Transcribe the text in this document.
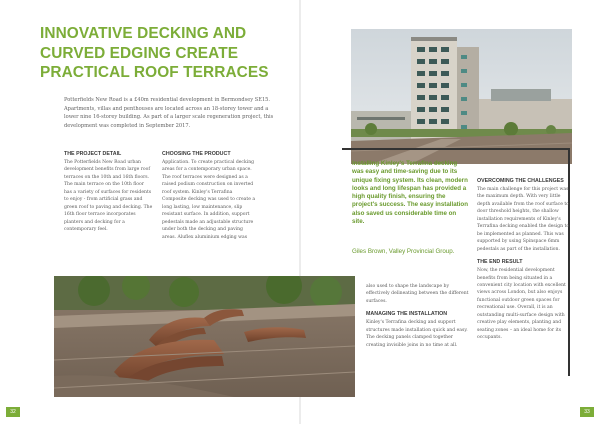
INNOVATIVE DECKING AND CURVED EDGING CREATE PRACTICAL ROOF TERRACES
Potterfields New Road is a £40m residential development in Bermondsey SE15. Apartments, villas and penthouses are located across an 18-storey tower and a lower nine 16-storey building. As part of a larger scale regeneration project, this development was completed in September 2017.
THE PROJECT DETAIL
The Potterfields New Road urban development benefits from large roof terraces on the 10th and 16th floors. The main terrace on the 10th floor has a variety of surfaces for residents to enjoy - from artificial grass and green roof to paving and decking. The 16th floor terrace incorporates planters and decking for a contemporary feel.
CHOOSING THE PRODUCT
Application. To create practical decking areas for a contemporary urban space. The roof terraces were designed as a raised podium construction on inverted roof system. Kinley's Terrafina Composite decking was used to create a long lasting, low maintenance, slip resistant surface. In addition, support pedestals made an adjustable structure under both the decking and paving areas. Aluflex aluminium edging was
Installing Kinley's Terrafina decking was easy and time-saving due to its unique fixing system. Its clean, modern looks and long lifespan has provided a high quality finish, ensuring the project's success. The easy installation also saved us considerable time on site.
Giles Brown, Valley Provincial Group.
also used to shape the landscape by effectively delineating between the different surfaces.
MANAGING THE INSTALLATION
Kinley's Terrafina decking and support structures made installation quick and easy. The decking panels clamped together creating invisible joins in no time at all.
OVERCOMING THE CHALLENGES
The main challenge for this project was the maximum depth. With very little depth available from the roof surface to door threshold heights, the shallow installation requirements of Kinley's Terrafina decking enabled the design to be implemented as planned. This was supported by using Spinspace 6mm pedestals as part of the installation.
THE END RESULT
Now, the residential development benefits from being situated in a convenient city location with excellent views across London, but also enjoys functional outdoor green spaces for recreational use. Overall, it is an outstanding multi-surface design with creative play elements, planting and seating zones – an ideal home for its occupants.
32	33
